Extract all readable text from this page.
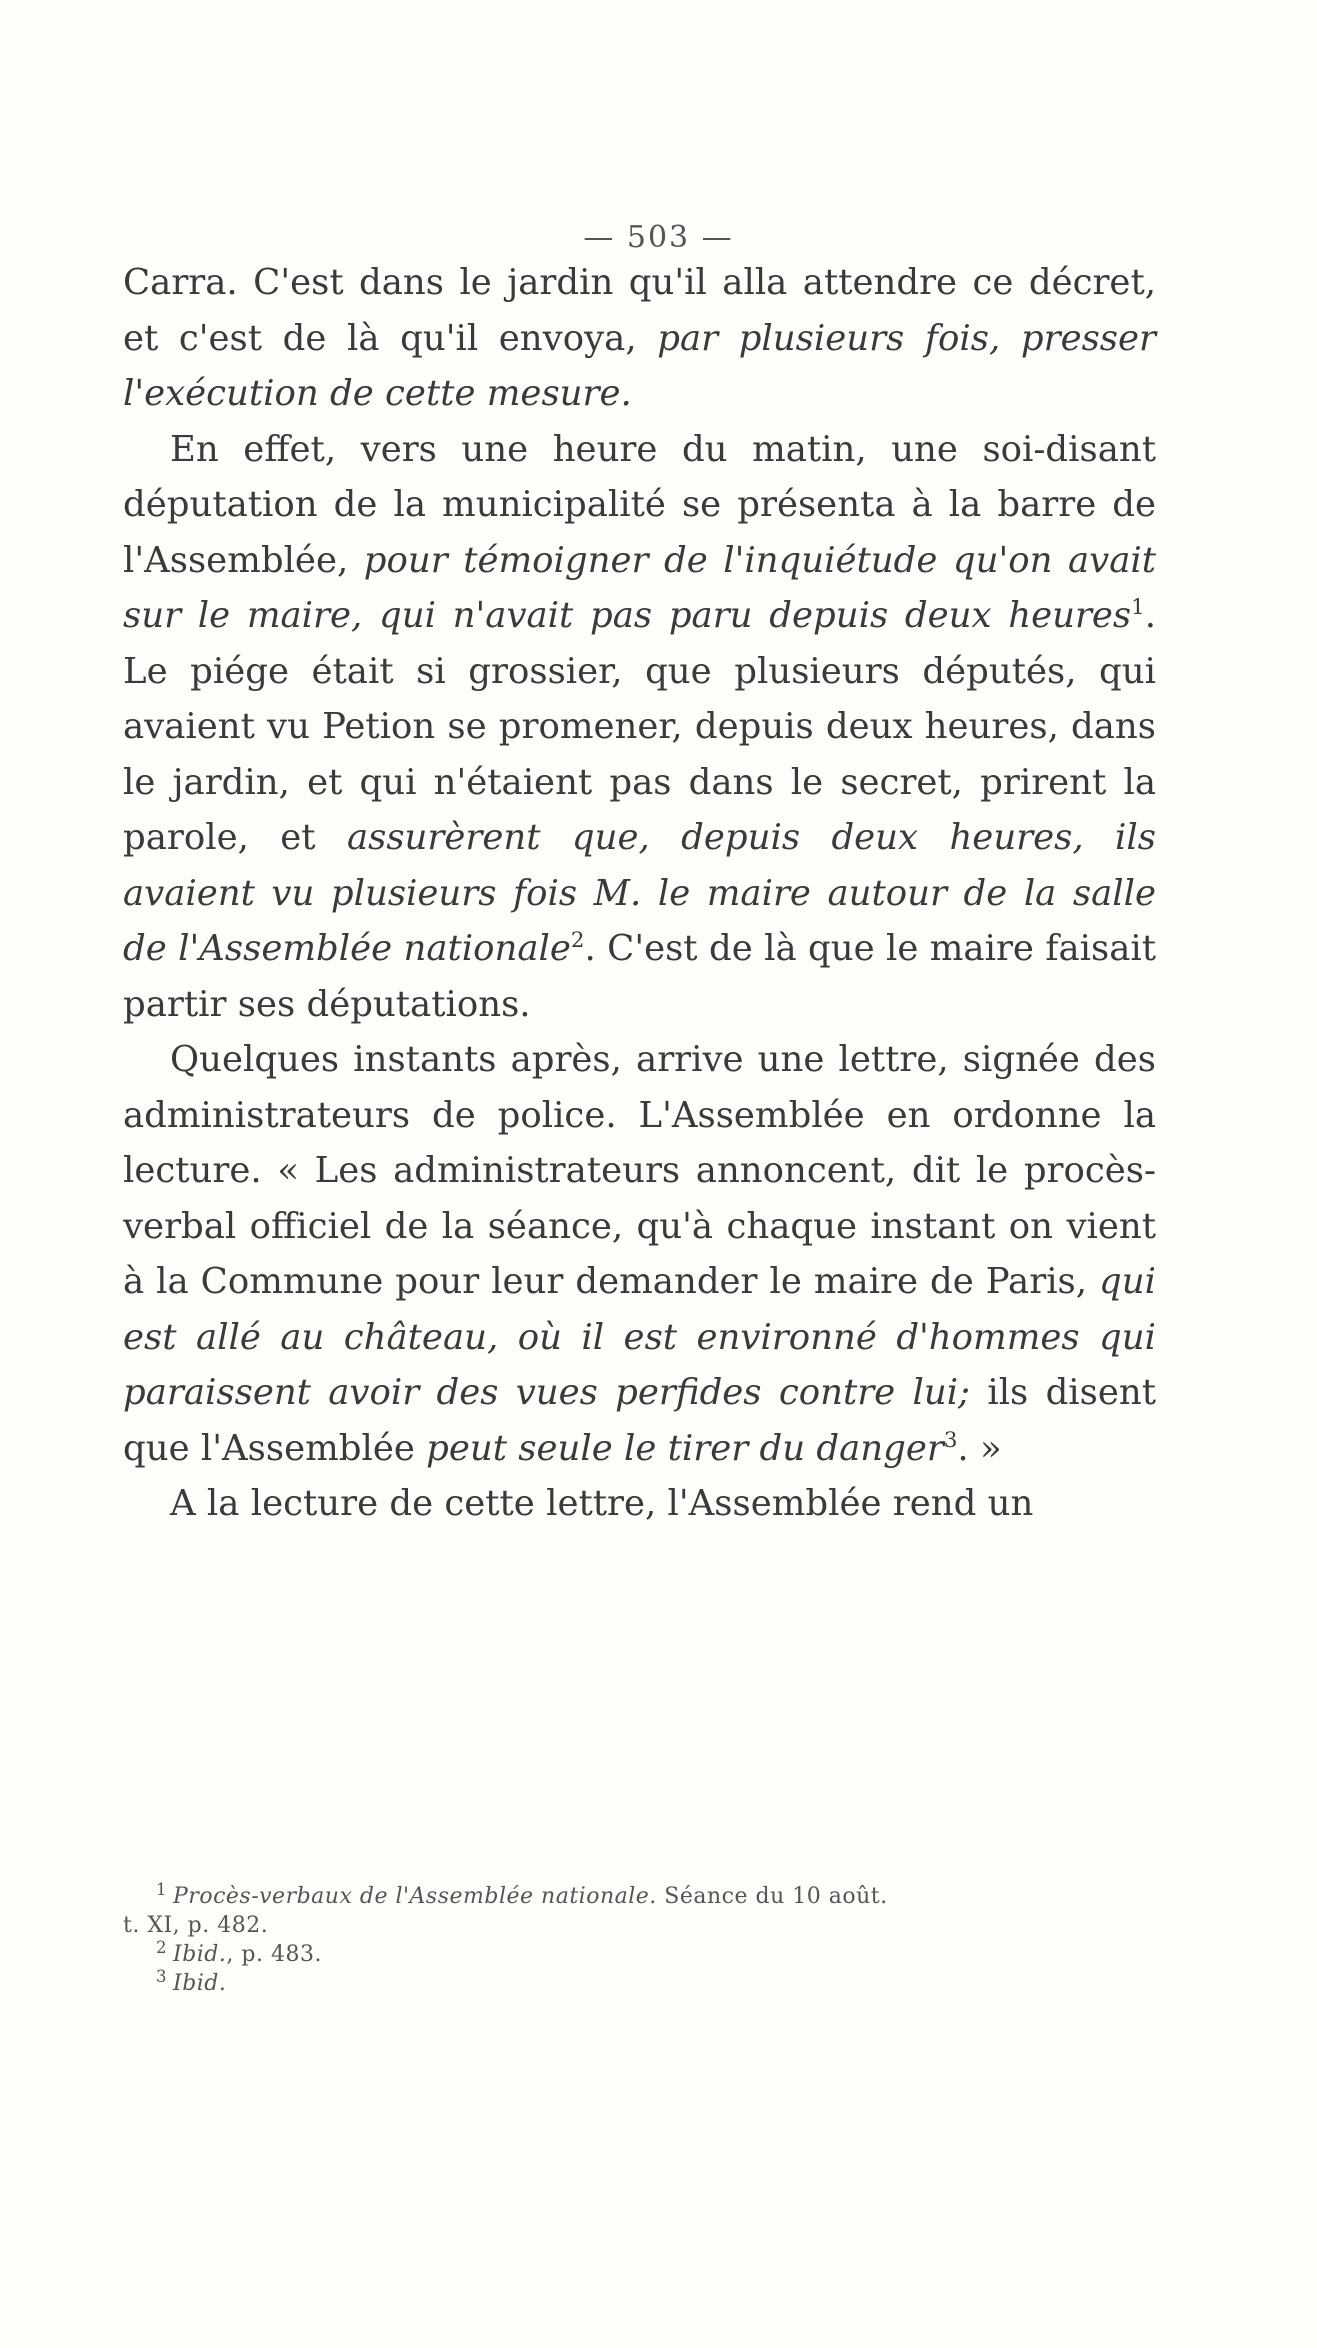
— 503 —

Carra. C'est dans le jardin qu'il alla attendre ce décret, et c'est de là qu'il envoya, par plusieurs fois, presser l'exécution de cette mesure.

En effet, vers une heure du matin, une soi-disant députation de la municipalité se présenta à la barre de l'Assemblée, pour témoigner de l'inquiétude qu'on avait sur le maire, qui n'avait pas paru depuis deux heures$^1$. Le piége était si grossier, que plusieurs députés, qui avaient vu Petion se promener, depuis deux heures, dans le jardin, et qui n'étaient pas dans le secret, prirent la parole, et assurèrent que, depuis deux heures, ils avaient vu plusieurs fois M. le maire autour de la salle de l'Assemblée nationale$^2$. C'est de là que le maire faisait partir ses députations.

Quelques instants après, arrive une lettre, signée des administrateurs de police. L'Assemblée en ordonne la lecture. « Les administrateurs annoncent, dit le procès-verbal officiel de la séance, qu'à chaque instant on vient à la Commune pour leur demander le maire de Paris, qui est allé au château, où il est environné d'hommes qui paraissent avoir des vues perfides contre lui; ils disent que l'Assemblée peut seule le tirer du danger$^3$. »

A la lecture de cette lettre, l'Assemblée rend un

$^1$ Procès-verbaux de l'Assemblée nationale. Séance du 10 août.
t. XI, p. 482.
$^2$ Ibid., p. 483.
$^3$ Ibid.
